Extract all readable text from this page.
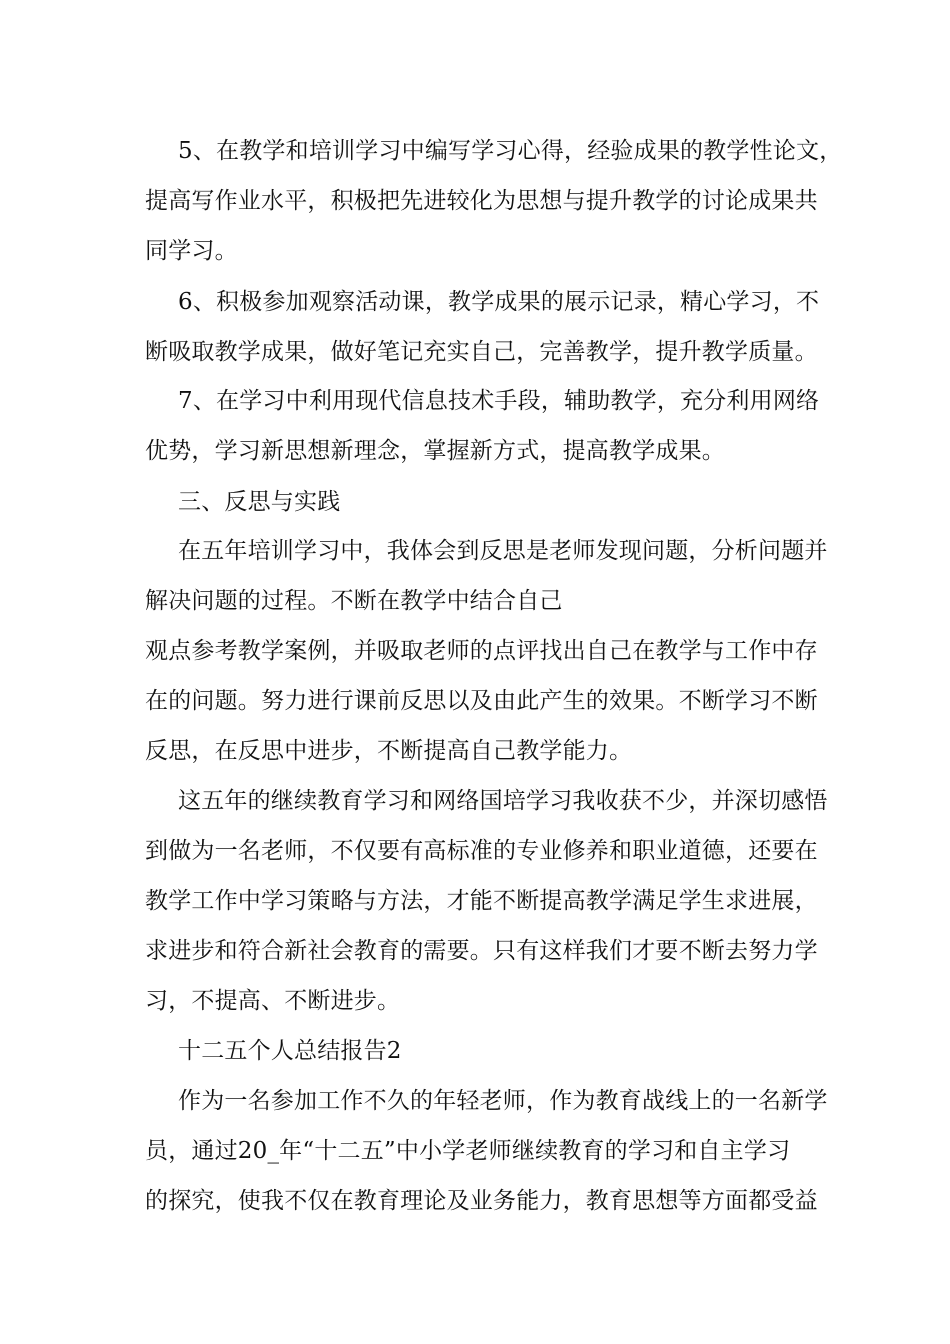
5、在教学和培训学习中编写学习心得，经验成果的教学性论文，
提高写作业水平，积极把先进较化为思想与提升教学的讨论成果共
同学习。
6、积极参加观察活动课，教学成果的展示记录，精心学习，不
断吸取教学成果，做好笔记充实自己，完善教学，提升教学质量。
7、在学习中利用现代信息技术手段，辅助教学，充分利用网络
优势，学习新思想新理念，掌握新方式，提高教学成果。
三、反思与实践
在五年培训学习中，我体会到反思是老师发现问题，分析问题并
解决问题的过程。不断在教学中结合自己
观点参考教学案例，并吸取老师的点评找出自己在教学与工作中存
在的问题。努力进行课前反思以及由此产生的效果。不断学习不断
反思，在反思中进步，不断提高自己教学能力。
这五年的继续教育学习和网络国培学习我收获不少，并深切感悟
到做为一名老师，不仅要有高标准的专业修养和职业道德，还要在
教学工作中学习策略与方法，才能不断提高教学满足学生求进展，
求进步和符合新社会教育的需要。只有这样我们才要不断去努力学
习，不提高、不断进步。
十二五个人总结报告2
作为一名参加工作不久的年轻老师，作为教育战线上的一名新学
员，通过20_年“十二五”中小学老师继续教育的学习和自主学习
的探究，使我不仅在教育理论及业务能力，教育思想等方面都受益
